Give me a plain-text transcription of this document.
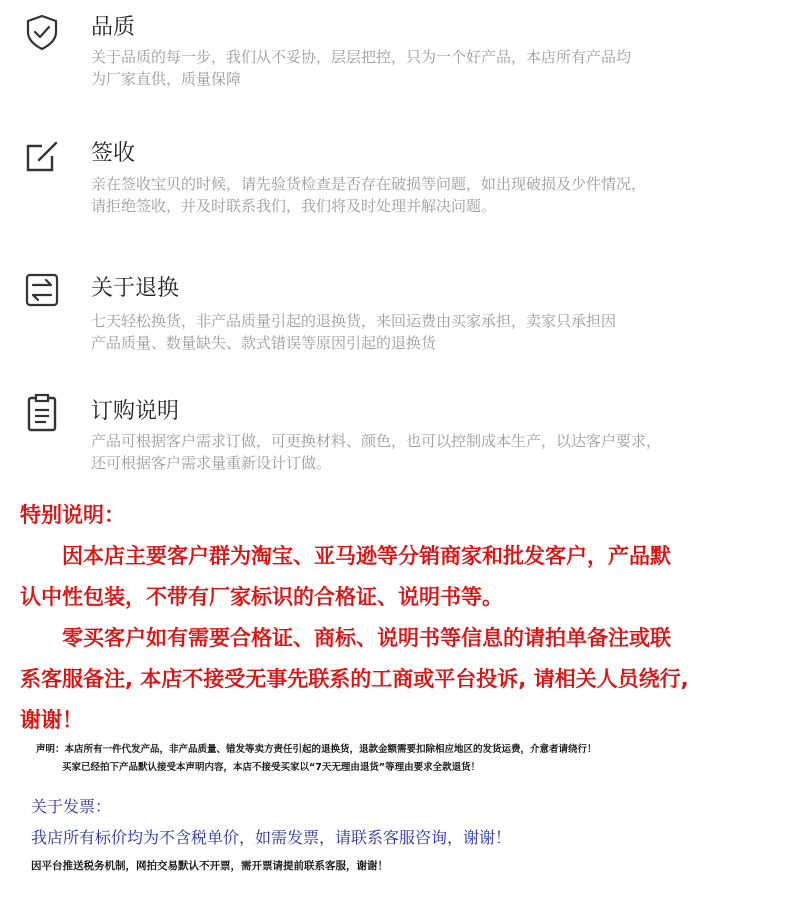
品质
关于品质的每一步，我们从不妥协，层层把控，只为一个好产品，本店所有产品均
为厂家直供，质量保障
签收
亲在签收宝贝的时候，请先验货检查是否存在破损等问题，如出现破损及少件情况，
请拒绝签收，并及时联系我们，我们将及时处理并解决问题。
关于退换
七天轻松换货，非产品质量引起的退换货，来回运费由买家承担，卖家只承担因
产品质量、数量缺失、款式错误等原因引起的退换货
订购说明
产品可根据客户需求订做，可更换材料、颜色，也可以控制成本生产，以达客户要求，
还可根据客户需求量重新设计订做。
特别说明：
　　因本店主要客户群为淘宝、亚马逊等分销商家和批发客户，产品默
认中性包装，不带有厂家标识的合格证、说明书等。
　　零买客户如有需要合格证、商标、说明书等信息的请拍单备注或联
系客服备注, 本店不接受无事先联系的工商或平台投诉, 请相关人员绕行,
谢谢！
声明：本店所有一件代发产品，非产品质量、错发等卖方责任引起的退换货，退款金额需要扣除相应地区的发货运费，介意者请绕行！
买家已经拍下产品默认接受本声明内容，本店不接受买家以“7天无理由退货”等理由要求全款退货！
关于发票：
我店所有标价均为不含税单价，如需发票，请联系客服咨询，谢谢！
因平台推送税务机制，网拍交易默认不开票，需开票请提前联系客服，谢谢！
